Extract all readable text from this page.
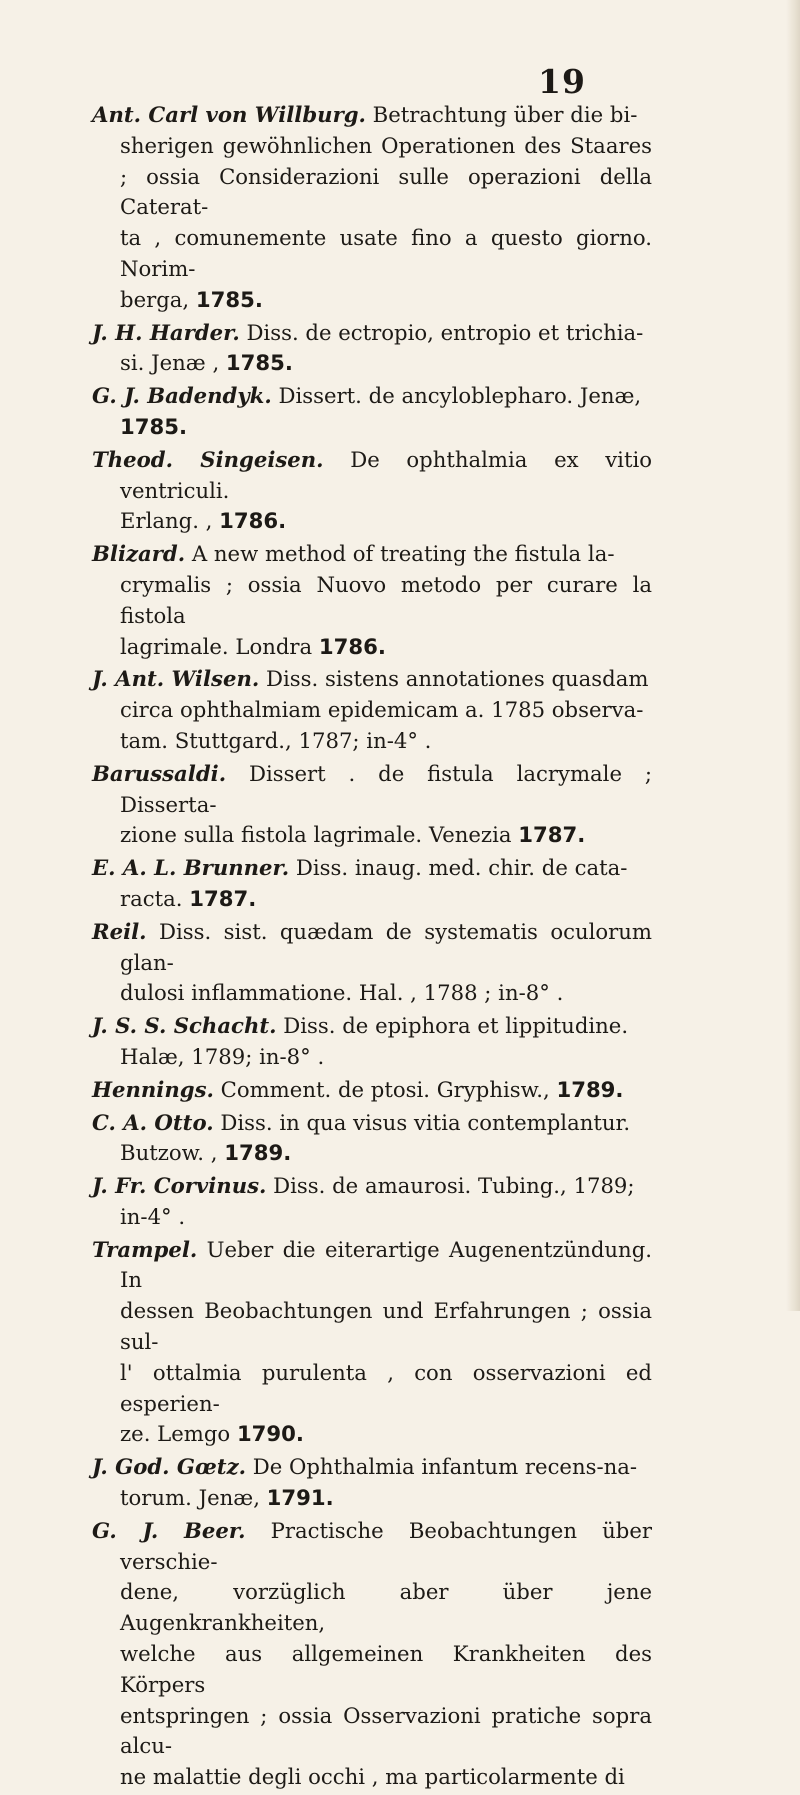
19

Ant. Carl von Willburg. Betrachtung über die bi-
sherigen gewöhnlichen Operationen des Staares ; ossia Considerazioni sulle operazioni della Caterat-
ta , comunemente usate fino a questo giorno. Norim-
berga, 1785.

J. H. Harder. Diss. de ectropio, entropio et trichia-
si. Jenæ , 1785.

G. J. Badendyk. Dissert. de ancyloblepharo. Jenæ,
1785.

Theod. Singeisen. De ophthalmia ex vitio ventriculi.
Erlang. , 1786.

Blizard. A new method of treating the fistula la-
crymalis ; ossia Nuovo metodo per curare la fistola
lagrimale. Londra 1786.

J. Ant. Wilsen. Diss. sistens annotationes quasdam
circa ophthalmiam epidemicam a. 1785 observa-
tam. Stuttgard., 1787; in-4° .

Barussaldi. Dissert . de fistula lacrymale ; Disserta-
zione sulla fistola lagrimale. Venezia 1787.

E. A. L. Brunner. Diss. inaug. med. chir. de cata-
racta. 1787.

Reil. Diss. sist. quædam de systematis oculorum glan-
dulosi inflammatione. Hal. , 1788 ; in-8° .

J. S. S. Schacht. Diss. de epiphora et lippitudine.
Halæ, 1789; in-8° .

Hennings. Comment. de ptosi. Gryphisw., 1789.

C. A. Otto. Diss. in qua visus vitia contemplantur.
Butzow. , 1789.

J. Fr. Corvinus. Diss. de amaurosi. Tubing., 1789;
in-4° .

Trampel. Ueber die eiterartige Augenentzündung. In
dessen Beobachtungen und Erfahrungen ; ossia sul-
l' ottalmia purulenta , con osservazioni ed esperien-
ze. Lemgo 1790.

J. God. Gœtz. De Ophthalmia infantum recens-na-
torum. Jenæ, 1791.

G. J. Beer. Practische Beobachtungen über verschie-
dene, vorzüglich aber über jene Augenkrankheiten,
welche aus allgemeinen Krankheiten des Körpers
entspringen ; ossia Osservazioni pratiche sopra alcu-
ne malattie degli occhi , ma particolarmente di
